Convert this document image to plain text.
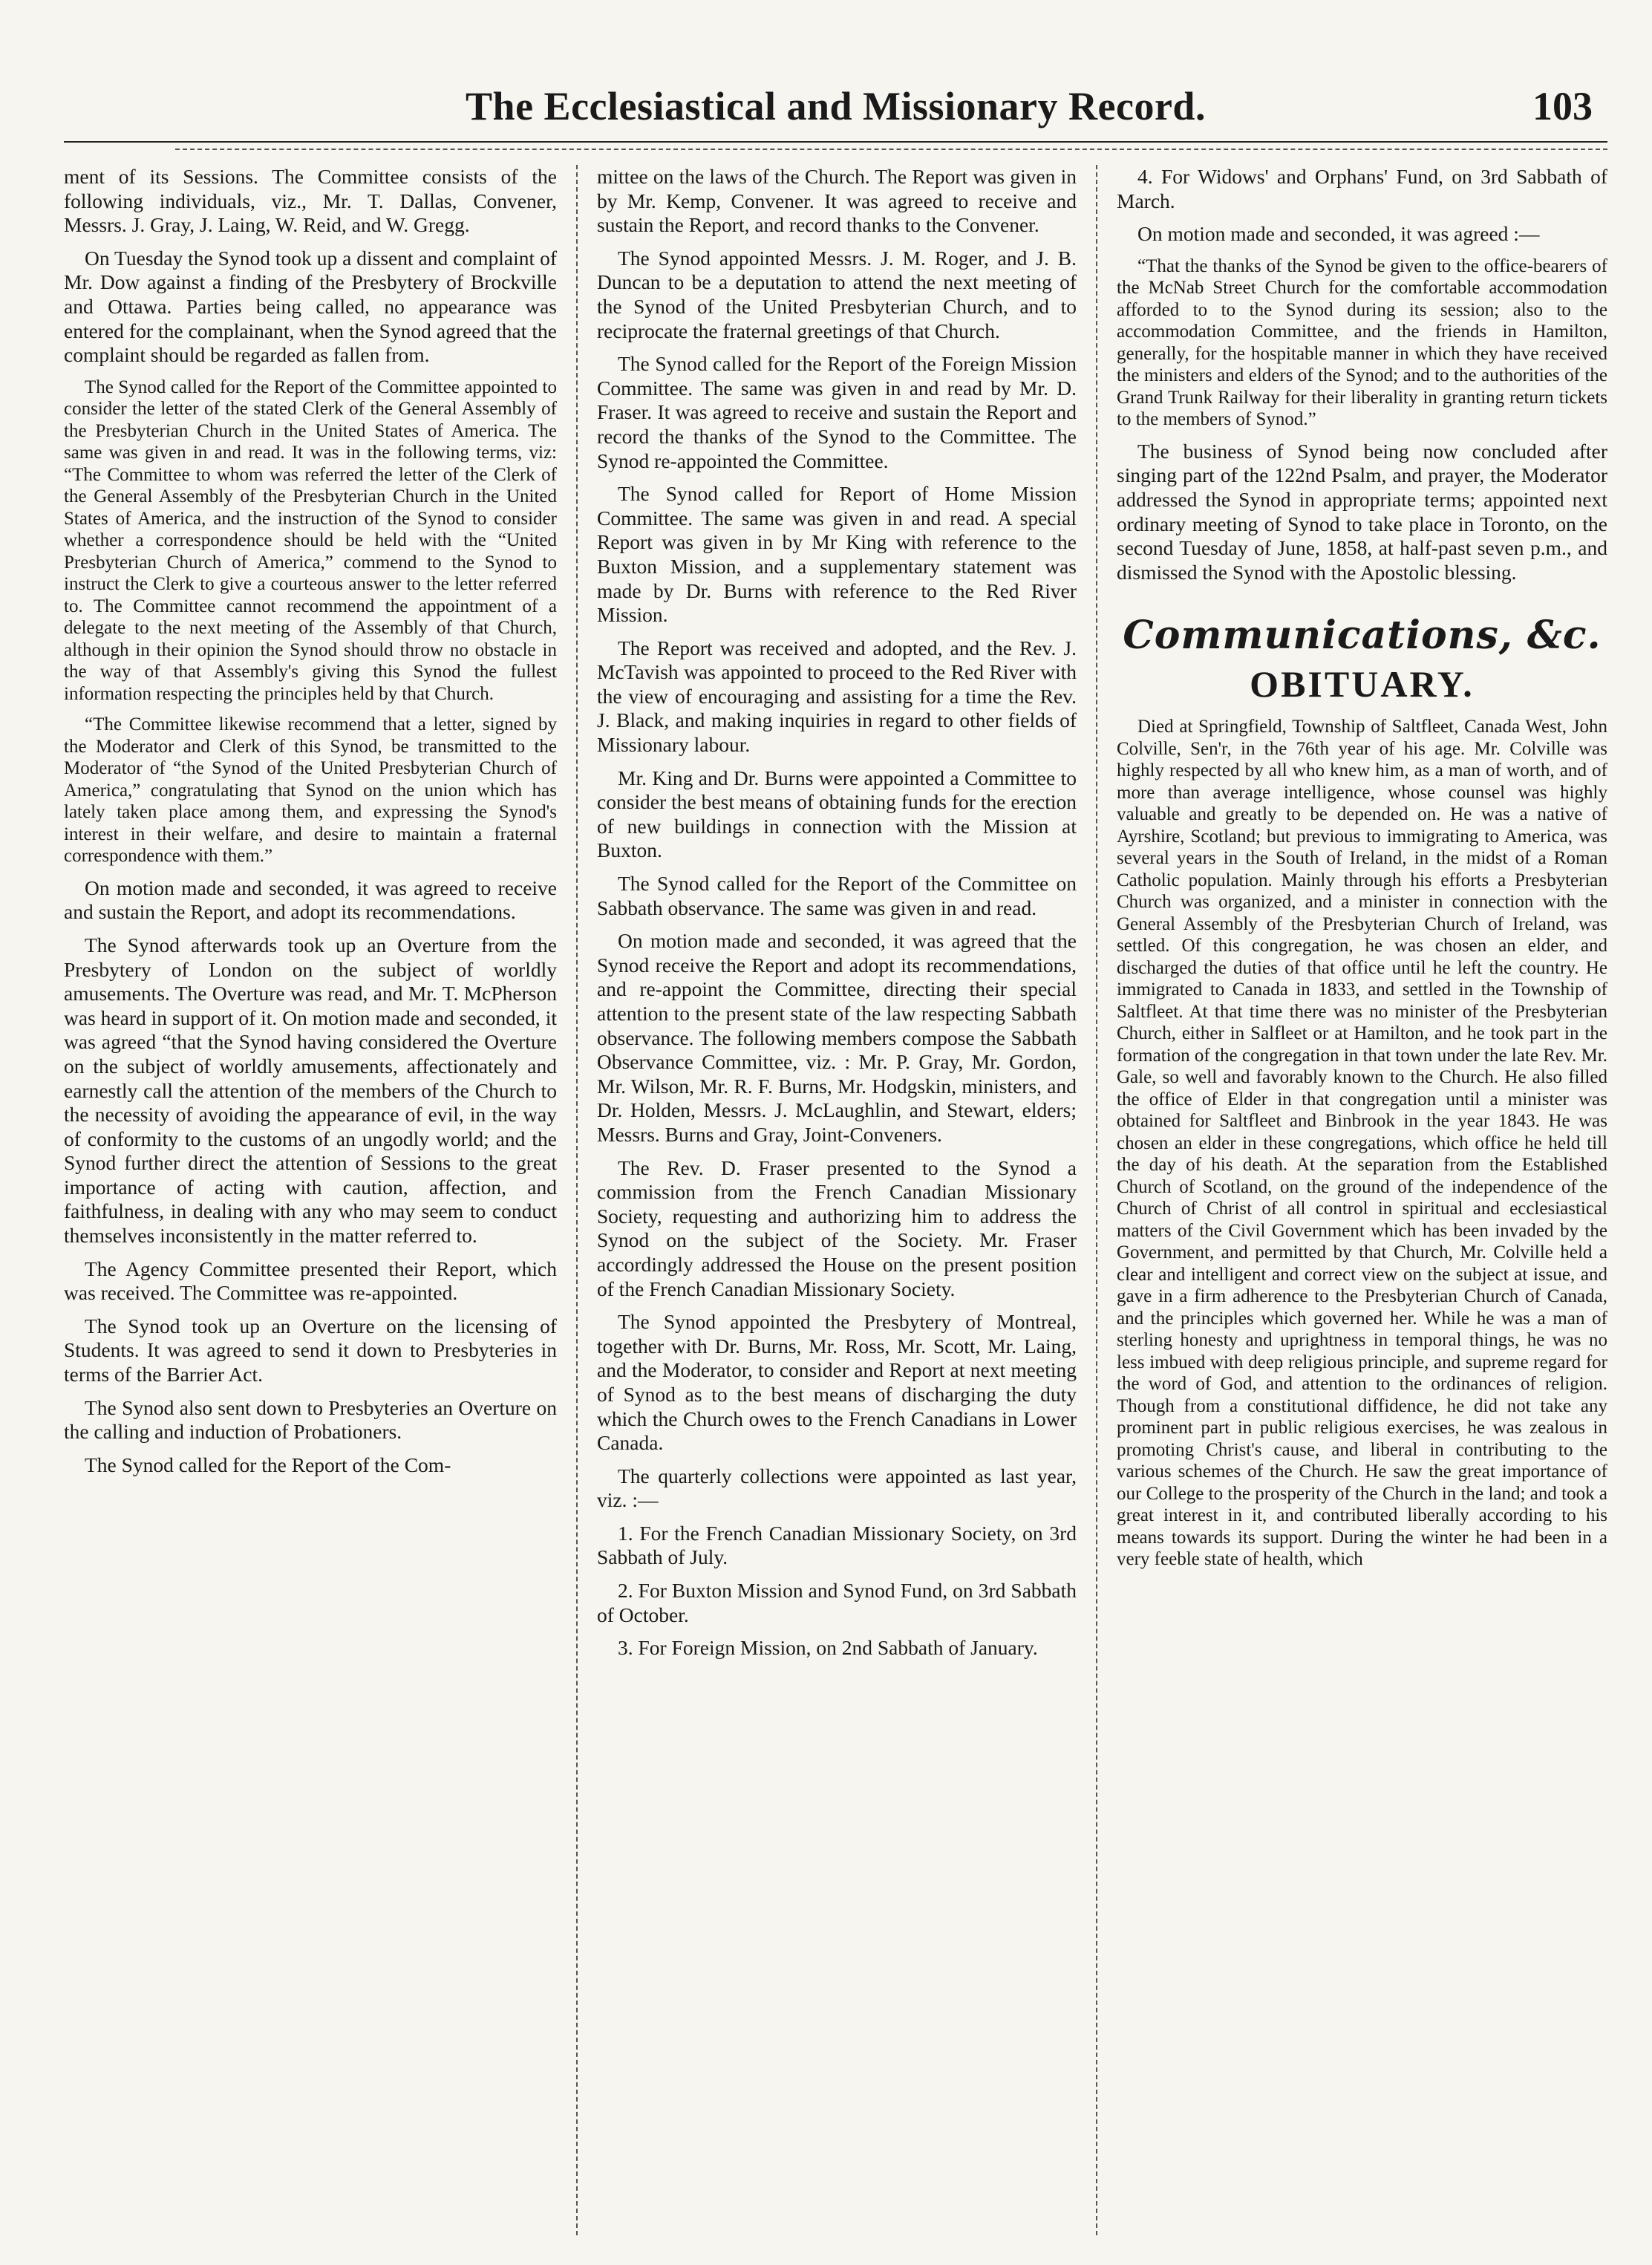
The Ecclesiastical and Missionary Record.	103

ment of its Sessions. The Committee consists of the following individuals, viz., Mr. T. Dallas, Convener, Messrs. J. Gray, J. Laing, W. Reid, and W. Gregg.

On Tuesday the Synod took up a dissent and complaint of Mr. Dow against a finding of the Presbytery of Brockville and Ottawa. Parties being called, no appearance was entered for the complainant, when the Synod agreed that the complaint should be regarded as fallen from.

The Synod called for the Report of the Committee appointed to consider the letter of the stated Clerk of the General Assembly of the Presbyterian Church in the United States of America. The same was given in and read. It was in the following terms, viz: “The Committee to whom was referred the letter of the Clerk of the General Assembly of the Presbyterian Church in the United States of America, and the instruction of the Synod to consider whether a correspondence should be held with the “United Presbyterian Church of America,” commend to the Synod to instruct the Clerk to give a courteous answer to the letter referred to. The Committee cannot recommend the appointment of a delegate to the next meeting of the Assembly of that Church, although in their opinion the Synod should throw no obstacle in the way of that Assembly's giving this Synod the fullest information respecting the principles held by that Church.

“The Committee likewise recommend that a letter, signed by the Moderator and Clerk of this Synod, be transmitted to the Moderator of “the Synod of the United Presbyterian Church of America,” congratulating that Synod on the union which has lately taken place among them, and expressing the Synod's interest in their welfare, and desire to maintain a fraternal correspondence with them.”

On motion made and seconded, it was agreed to receive and sustain the Report, and adopt its recommendations.

The Synod afterwards took up an Overture from the Presbytery of London on the subject of worldly amusements. The Overture was read, and Mr. T. McPherson was heard in support of it. On motion made and seconded, it was agreed “that the Synod having considered the Overture on the subject of worldly amusements, affectionately and earnestly call the attention of the members of the Church to the necessity of avoiding the appearance of evil, in the way of conformity to the customs of an ungodly world; and the Synod further direct the attention of Sessions to the great importance of acting with caution, affection, and faithfulness, in dealing with any who may seem to conduct themselves inconsistently in the matter referred to.

The Agency Committee presented their Report, which was received. The Committee was re-appointed.

The Synod took up an Overture on the licensing of Students. It was agreed to send it down to Presbyteries in terms of the Barrier Act.

The Synod also sent down to Presbyteries an Overture on the calling and induction of Probationers.

The Synod called for the Report of the Com-

mittee on the laws of the Church. The Report was given in by Mr. Kemp, Convener. It was agreed to receive and sustain the Report, and record thanks to the Convener.

The Synod appointed Messrs. J. M. Roger, and J. B. Duncan to be a deputation to attend the next meeting of the Synod of the United Presbyterian Church, and to reciprocate the fraternal greetings of that Church.

The Synod called for the Report of the Foreign Mission Committee. The same was given in and read by Mr. D. Fraser. It was agreed to receive and sustain the Report and record the thanks of the Synod to the Committee. The Synod re-appointed the Committee.

The Synod called for Report of Home Mission Committee. The same was given in and read. A special Report was given in by Mr King with reference to the Buxton Mission, and a supplementary statement was made by Dr. Burns with reference to the Red River Mission.

The Report was received and adopted, and the Rev. J. McTavish was appointed to proceed to the Red River with the view of encouraging and assisting for a time the Rev. J. Black, and making inquiries in regard to other fields of Missionary labour.

Mr. King and Dr. Burns were appointed a Committee to consider the best means of obtaining funds for the erection of new buildings in connection with the Mission at Buxton.

The Synod called for the Report of the Committee on Sabbath observance. The same was given in and read.

On motion made and seconded, it was agreed that the Synod receive the Report and adopt its recommendations, and re-appoint the Committee, directing their special attention to the present state of the law respecting Sabbath observance. The following members compose the Sabbath Observance Committee, viz. : Mr. P. Gray, Mr. Gordon, Mr. Wilson, Mr. R. F. Burns, Mr. Hodgskin, ministers, and Dr. Holden, Messrs. J. McLaughlin, and Stewart, elders; Messrs. Burns and Gray, Joint-Conveners.

The Rev. D. Fraser presented to the Synod a commission from the French Canadian Missionary Society, requesting and authorizing him to address the Synod on the subject of the Society. Mr. Fraser accordingly addressed the House on the present position of the French Canadian Missionary Society.

The Synod appointed the Presbytery of Montreal, together with Dr. Burns, Mr. Ross, Mr. Scott, Mr. Laing, and the Moderator, to consider and Report at next meeting of Synod as to the best means of discharging the duty which the Church owes to the French Canadians in Lower Canada.

The quarterly collections were appointed as last year, viz. :—

1. For the French Canadian Missionary Society, on 3rd Sabbath of July.

2. For Buxton Mission and Synod Fund, on 3rd Sabbath of October.

3. For Foreign Mission, on 2nd Sabbath of January.

4. For Widows' and Orphans' Fund, on 3rd Sabbath of March.

On motion made and seconded, it was agreed :—

“That the thanks of the Synod be given to the office-bearers of the McNab Street Church for the comfortable accommodation afforded to to the Synod during its session; also to the accommodation Committee, and the friends in Hamilton, generally, for the hospitable manner in which they have received the ministers and elders of the Synod; and to the authorities of the Grand Trunk Railway for their liberality in granting return tickets to the members of Synod.”

The business of Synod being now concluded after singing part of the 122nd Psalm, and prayer, the Moderator addressed the Synod in appropriate terms; appointed next ordinary meeting of Synod to take place in Toronto, on the second Tuesday of June, 1858, at half-past seven p.m., and dismissed the Synod with the Apostolic blessing.

Communications, &c.
OBITUARY.

Died at Springfield, Township of Saltfleet, Canada West, John Colville, Sen'r, in the 76th year of his age. Mr. Colville was highly respected by all who knew him, as a man of worth, and of more than average intelligence, whose counsel was highly valuable and greatly to be depended on. He was a native of Ayrshire, Scotland; but previous to immigrating to America, was several years in the South of Ireland, in the midst of a Roman Catholic population. Mainly through his efforts a Presbyterian Church was organized, and a minister in connection with the General Assembly of the Presbyterian Church of Ireland, was settled. Of this congregation, he was chosen an elder, and discharged the duties of that office until he left the country. He immigrated to Canada in 1833, and settled in the Township of Saltfleet. At that time there was no minister of the Presbyterian Church, either in Salfleet or at Hamilton, and he took part in the formation of the congregation in that town under the late Rev. Mr. Gale, so well and favorably known to the Church. He also filled the office of Elder in that congregation until a minister was obtained for Saltfleet and Binbrook in the year 1843. He was chosen an elder in these congregations, which office he held till the day of his death. At the separation from the Established Church of Scotland, on the ground of the independence of the Church of Christ of all control in spiritual and ecclesiastical matters of the Civil Government which has been invaded by the Government, and permitted by that Church, Mr. Colville held a clear and intelligent and correct view on the subject at issue, and gave in a firm adherence to the Presbyterian Church of Canada, and the principles which governed her. While he was a man of sterling honesty and uprightness in temporal things, he was no less imbued with deep religious principle, and supreme regard for the word of God, and attention to the ordinances of religion. Though from a constitutional diffidence, he did not take any prominent part in public religious exercises, he was zealous in promoting Christ's cause, and liberal in contributing to the various schemes of the Church. He saw the great importance of our College to the prosperity of the Church in the land; and took a great interest in it, and contributed liberally according to his means towards its support. During the winter he had been in a very feeble state of health, which
